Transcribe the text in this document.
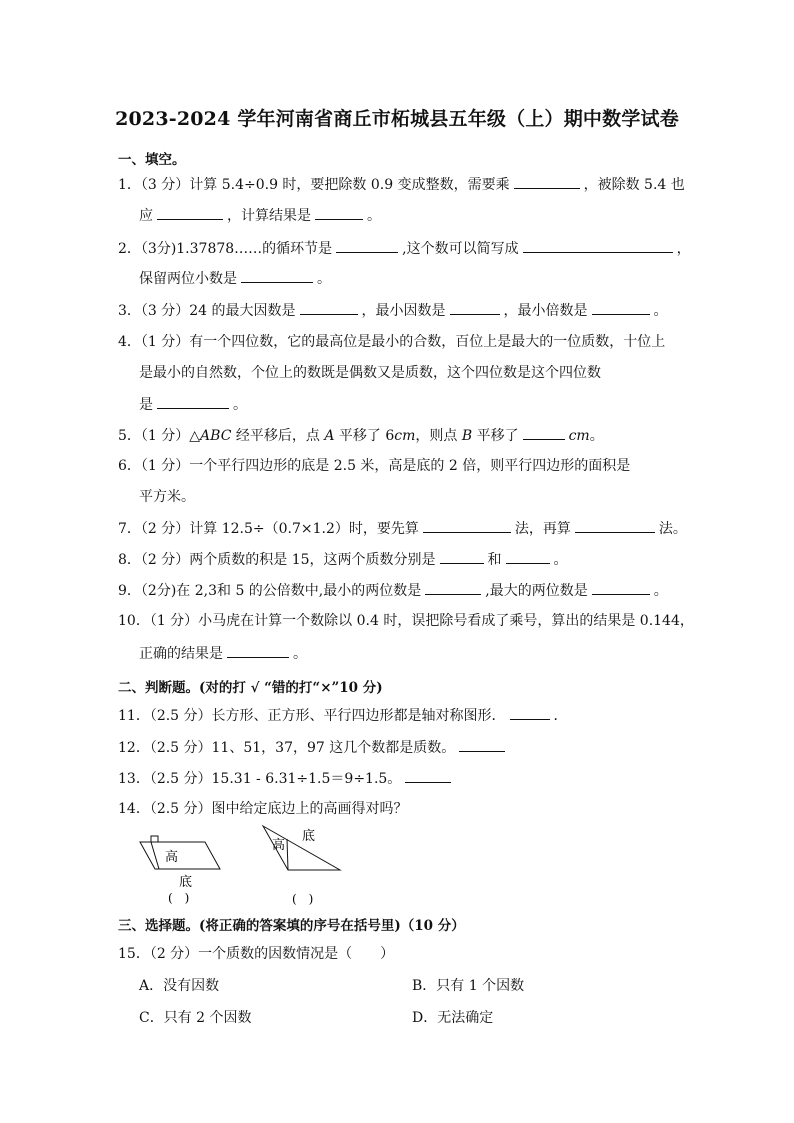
2023-2024 学年河南省商丘市柘城县五年级（上）期中数学试卷
一、填空。
1．（3 分）计算 5.4÷0.9 时，要把除数 0.9 变成整数，需要乘	，被除数 5.4 也
应	，计算结果是	。
2．（3分)1.37878……的循环节是	,这个数可以简写成	，
保留两位小数是	。
3．（3 分）24 的最大因数是	，最小因数是	，最小倍数是	。
4．（1 分）有一个四位数，它的最高位是最小的合数，百位上是最大的一位质数，十位上
是最小的自然数，个位上的数既是偶数又是质数，这个四位数是这个四位数
是	。
5．（1 分）△ABC 经平移后，点 A 平移了 6cm，则点 B 平移了	cm。
6．（1 分）一个平行四边形的底是 2.5 米，高是底的 2 倍，则平行四边形的面积是
平方米。
7．（2 分）计算 12.5÷（0.7×1.2）时，要先算	法，再算	法。
8．（2 分）两个质数的积是 15，这两个质数分别是	和	。
9．（2分)在 2,3和 5 的公倍数中,最小的两位数是	,最大的两位数是	。
10．（1 分）小马虎在计算一个数除以 0.4 时，误把除号看成了乘号，算出的结果是 0.144，
正确的结果是	。
二、判断题。(对的打 √ “错的打“×”10 分)
11．（2.5 分）长方形、正方形、平行四边形都是轴对称图形．	．
12．（2.5 分）11、51，37，97 这几个数都是质数。
13．（2.5 分）15.31 - 6.31÷1.5＝9÷1.5。
14．（2.5 分）图中给定底边上的高画得对吗？
高
底
(　)
高
底
(　)
三、选择题。(将正确的答案填的序号在括号里)（10 分）
15．（2 分）一个质数的因数情况是（　　）
A．没有因数	B．只有 1 个因数
C．只有 2 个因数	D．无法确定
